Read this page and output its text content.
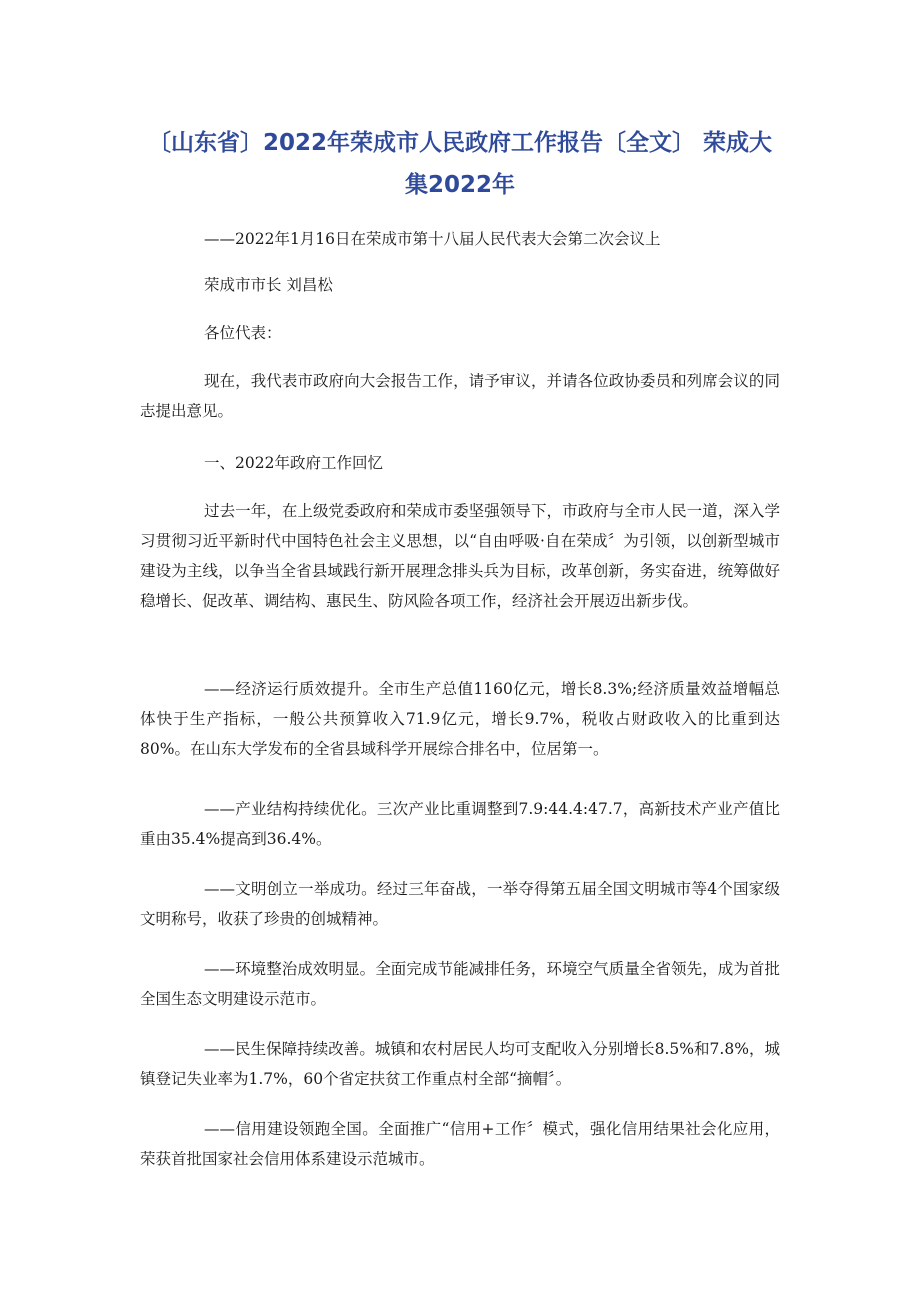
〔山东省〕2022年荣成市人民政府工作报告〔全文〕 荣成大集2022年

——2022年1月16日在荣成市第十八届人民代表大会第二次会议上

荣成市市长 刘昌松

各位代表：

现在，我代表市政府向大会报告工作，请予审议，并请各位政协委员和列席会议的同志提出意见。

一、2022年政府工作回忆

过去一年，在上级党委政府和荣成市委坚强领导下，市政府与全市人民一道，深入学习贯彻习近平新时代中国特色社会主义思想，以“自由呼吸·自在荣成〞为引领，以创新型城市建设为主线，以争当全省县域践行新开展理念排头兵为目标，改革创新，务实奋进，统筹做好稳增长、促改革、调结构、惠民生、防风险各项工作，经济社会开展迈出新步伐。

——经济运行质效提升。全市生产总值1160亿元，增长8.3%;经济质量效益增幅总体快于生产指标，一般公共预算收入71.9亿元，增长9.7%，税收占财政收入的比重到达80%。在山东大学发布的全省县域科学开展综合排名中，位居第一。

——产业结构持续优化。三次产业比重调整到7.9:44.4:47.7，高新技术产业产值比重由35.4%提高到36.4%。

——文明创立一举成功。经过三年奋战，一举夺得第五届全国文明城市等4个国家级文明称号，收获了珍贵的创城精神。

——环境整治成效明显。全面完成节能减排任务，环境空气质量全省领先，成为首批全国生态文明建设示范市。

——民生保障持续改善。城镇和农村居民人均可支配收入分别增长8.5%和7.8%，城镇登记失业率为1.7%，60个省定扶贫工作重点村全部“摘帽〞。

——信用建设领跑全国。全面推广“信用+工作〞模式，强化信用结果社会化应用，荣获首批国家社会信用体系建设示范城市。
